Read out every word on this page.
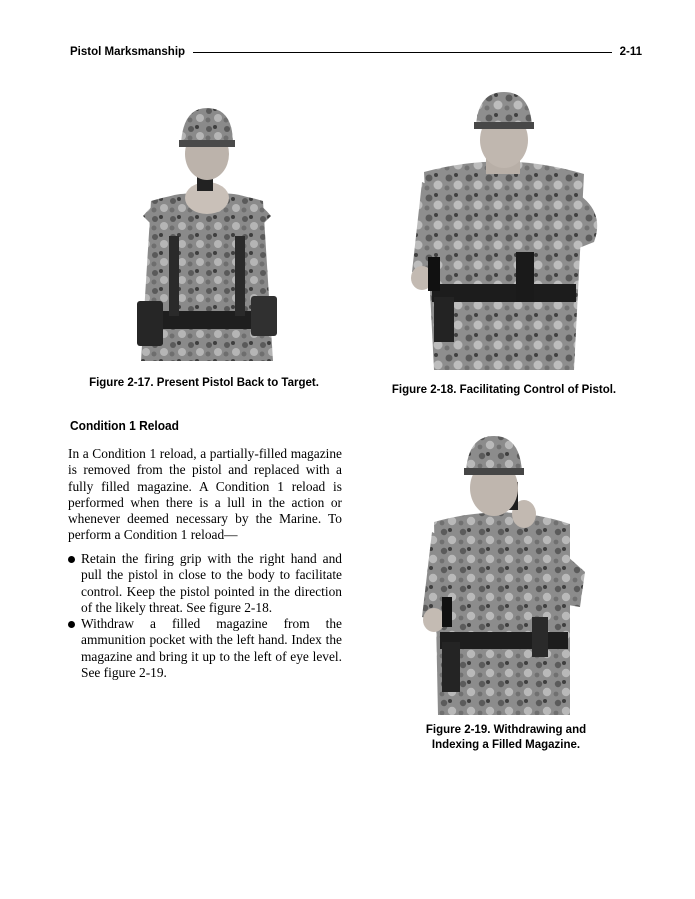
Pistol Marksmanship	2-11
Figure 2-17. Present Pistol Back to Target.
Figure 2-18. Facilitating Control of Pistol.
Condition 1 Reload
In a Condition 1 reload, a partially-filled magazine is removed from the pistol and replaced with a fully filled magazine. A Condition 1 reload is performed when there is a lull in the action or whenever deemed necessary by the Marine. To perform a Condition 1 reload—
Retain the firing grip with the right hand and pull the pistol in close to the body to facilitate control. Keep the pistol pointed in the direction of the likely threat. See figure 2-18.
Withdraw a filled magazine from the ammunition pocket with the left hand. Index the magazine and bring it up to the left of eye level. See figure 2-19.
Figure 2-19. Withdrawing and
Indexing a Filled Magazine.
